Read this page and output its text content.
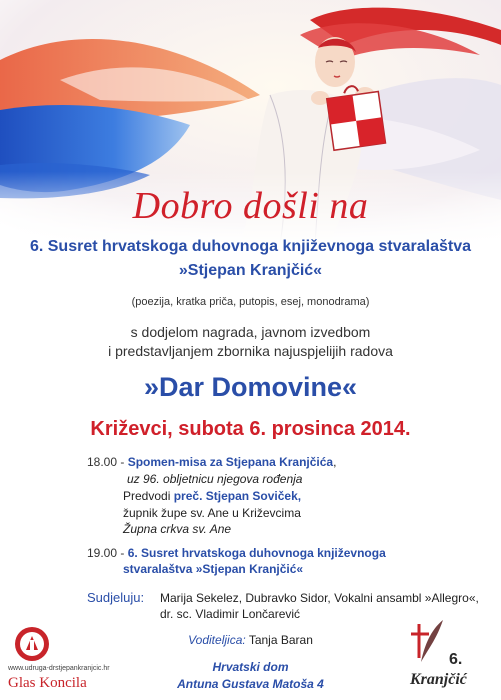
Dobro došli na
6. Susret hrvatskoga duhovnoga književnoga stvaralaštva
»Stjepan Kranjčić«
(poezija, kratka priča, putopis, esej, monodrama)
s dodjelom nagrada, javnom izvedbom
i predstavljanjem zbornika najuspjelijih radova
»Dar Domovine«
Križevci, subota 6. prosinca 2014.
18.00 - Spomen-misa za Stjepana Kranjčića,
uz 96. obljetnicu njegova rođenja
Predvodi preč. Stjepan Soviček,
župnik župe sv. Ane u Križevcima
Župna crkva sv. Ane
19.00 - 6. Susret hrvatskoga duhovnoga književnoga
stvaralaštva »Stjepan Kranjčić«
Sudjeluju: Marija Sekelez, Dubravko Sidor, Vokalni ansambl »Allegro«,
dr. sc. Vladimir Lončarević
Voditeljica: Tanja Baran
Hrvatski dom
Antuna Gustava Matoša 4
www.udruga-drstjepankranjcic.hr
Glas Koncila
6.
Kranjčić
